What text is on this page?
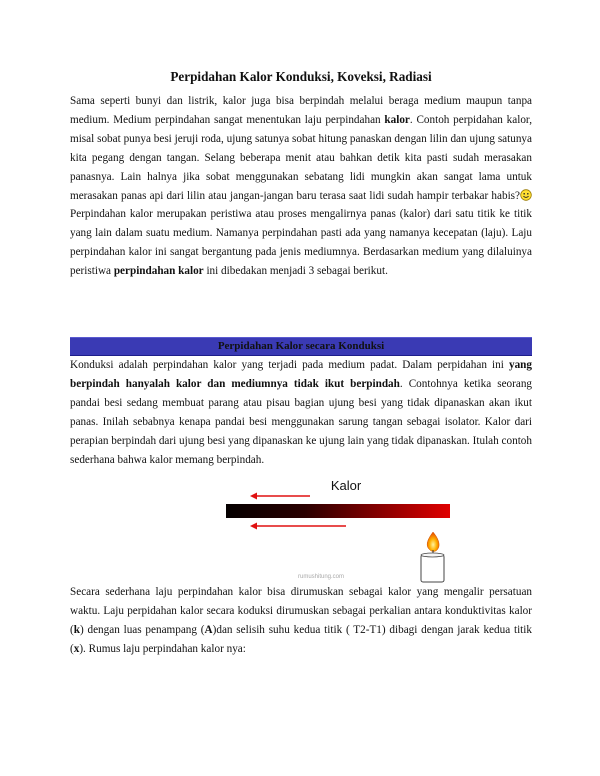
Perpidahan Kalor Konduksi, Koveksi, Radiasi

Sama seperti bunyi dan listrik, kalor juga bisa berpindah melalui beraga medium maupun tanpa medium. Medium perpindahan sangat menentukan laju perpindahan kalor. Contoh perpidahan kalor, misal sobat punya besi jeruji roda, ujung satunya sobat hitung panaskan dengan lilin dan ujung satunya kita pegang dengan tangan. Selang beberapa menit atau bahkan detik kita pasti sudah merasakan panasnya. Lain halnya jika sobat menggunakan sebatang lidi mungkin akan sangat lama untuk merasakan panas api dari lilin atau jangan-jangan baru terasa saat lidi sudah hampir terbakar habis? Perpindahan kalor merupakan peristiwa atau proses mengalirnya panas (kalor) dari satu titik ke titik yang lain dalam suatu medium. Namanya perpindahan pasti ada yang namanya kecepatan (laju). Laju perpindahan kalor ini sangat bergantung pada jenis mediumnya. Berdasarkan medium yang dilaluinya peristiwa perpindahan kalor ini dibedakan menjadi 3 sebagai berikut.

Perpidahan Kalor secara Konduksi

Konduksi adalah perpindahan kalor yang terjadi pada medium padat. Dalam perpidahan ini yang berpindah hanyalah kalor dan mediumnya tidak ikut berpindah. Contohnya ketika seorang pandai besi sedang membuat parang atau pisau bagian ujung besi yang tidak dipanaskan akan ikut panas. Inilah sebabnya kenapa pandai besi menggunakan sarung tangan sebagai isolator. Kalor dari perapian berpindah dari ujung besi yang dipanaskan ke ujung lain yang tidak dipanaskan. Itulah contoh sederhana bahwa kalor memang berpindah.

Kalor
rumushitung.com

Secara sederhana laju perpindahan kalor bisa dirumuskan sebagai kalor yang mengalir persatuan waktu. Laju perpidahan kalor secara koduksi dirumuskan sebagai perkalian antara konduktivitas kalor (k) dengan luas penampang (A)dan selisih suhu kedua titik ( T2-T1) dibagi dengan jarak kedua titik (x). Rumus laju perpindahan kalor nya:
